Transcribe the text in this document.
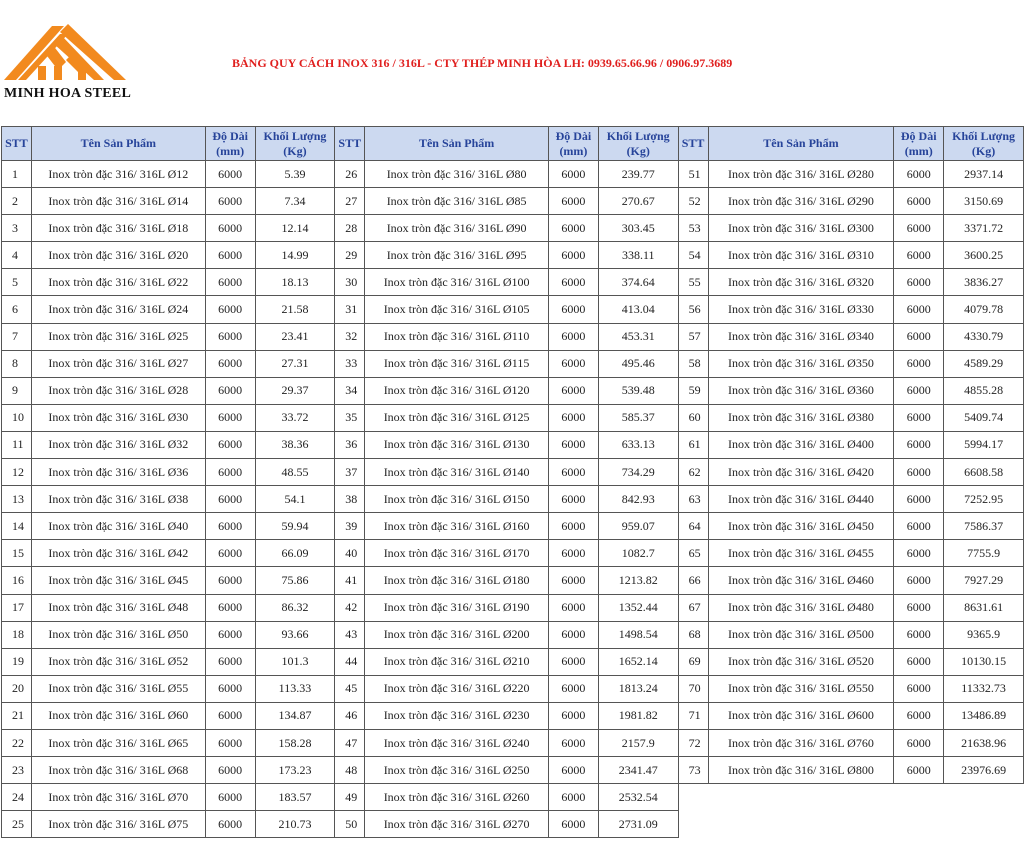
MINH HOA STEEL
BẢNG QUY CÁCH INOX 316 / 316L - CTY THÉP MINH HÒA LH: 0939.65.66.96 / 0906.97.3689
STT	Tên Sản Phẩm	Độ Dài (mm)	Khối Lượng (Kg)	STT	Tên Sản Phẩm	Độ Dài (mm)	Khối Lượng (Kg)	STT	Tên Sản Phẩm	Độ Dài (mm)	Khối Lượng (Kg)
1	Inox tròn đặc 316/ 316L Ø12	6000	5.39	26	Inox tròn đặc 316/ 316L Ø80	6000	239.77	51	Inox tròn đặc 316/ 316L Ø280	6000	2937.14
2	Inox tròn đặc 316/ 316L Ø14	6000	7.34	27	Inox tròn đặc 316/ 316L Ø85	6000	270.67	52	Inox tròn đặc 316/ 316L Ø290	6000	3150.69
3	Inox tròn đặc 316/ 316L Ø18	6000	12.14	28	Inox tròn đặc 316/ 316L Ø90	6000	303.45	53	Inox tròn đặc 316/ 316L Ø300	6000	3371.72
4	Inox tròn đặc 316/ 316L Ø20	6000	14.99	29	Inox tròn đặc 316/ 316L Ø95	6000	338.11	54	Inox tròn đặc 316/ 316L Ø310	6000	3600.25
5	Inox tròn đặc 316/ 316L Ø22	6000	18.13	30	Inox tròn đặc 316/ 316L Ø100	6000	374.64	55	Inox tròn đặc 316/ 316L Ø320	6000	3836.27
6	Inox tròn đặc 316/ 316L Ø24	6000	21.58	31	Inox tròn đặc 316/ 316L Ø105	6000	413.04	56	Inox tròn đặc 316/ 316L Ø330	6000	4079.78
7	Inox tròn đặc 316/ 316L Ø25	6000	23.41	32	Inox tròn đặc 316/ 316L Ø110	6000	453.31	57	Inox tròn đặc 316/ 316L Ø340	6000	4330.79
8	Inox tròn đặc 316/ 316L Ø27	6000	27.31	33	Inox tròn đặc 316/ 316L Ø115	6000	495.46	58	Inox tròn đặc 316/ 316L Ø350	6000	4589.29
9	Inox tròn đặc 316/ 316L Ø28	6000	29.37	34	Inox tròn đặc 316/ 316L Ø120	6000	539.48	59	Inox tròn đặc 316/ 316L Ø360	6000	4855.28
10	Inox tròn đặc 316/ 316L Ø30	6000	33.72	35	Inox tròn đặc 316/ 316L Ø125	6000	585.37	60	Inox tròn đặc 316/ 316L Ø380	6000	5409.74
11	Inox tròn đặc 316/ 316L Ø32	6000	38.36	36	Inox tròn đặc 316/ 316L Ø130	6000	633.13	61	Inox tròn đặc 316/ 316L Ø400	6000	5994.17
12	Inox tròn đặc 316/ 316L Ø36	6000	48.55	37	Inox tròn đặc 316/ 316L Ø140	6000	734.29	62	Inox tròn đặc 316/ 316L Ø420	6000	6608.58
13	Inox tròn đặc 316/ 316L Ø38	6000	54.1	38	Inox tròn đặc 316/ 316L Ø150	6000	842.93	63	Inox tròn đặc 316/ 316L Ø440	6000	7252.95
14	Inox tròn đặc 316/ 316L Ø40	6000	59.94	39	Inox tròn đặc 316/ 316L Ø160	6000	959.07	64	Inox tròn đặc 316/ 316L Ø450	6000	7586.37
15	Inox tròn đặc 316/ 316L Ø42	6000	66.09	40	Inox tròn đặc 316/ 316L Ø170	6000	1082.7	65	Inox tròn đặc 316/ 316L Ø455	6000	7755.9
16	Inox tròn đặc 316/ 316L Ø45	6000	75.86	41	Inox tròn đặc 316/ 316L Ø180	6000	1213.82	66	Inox tròn đặc 316/ 316L Ø460	6000	7927.29
17	Inox tròn đặc 316/ 316L Ø48	6000	86.32	42	Inox tròn đặc 316/ 316L Ø190	6000	1352.44	67	Inox tròn đặc 316/ 316L Ø480	6000	8631.61
18	Inox tròn đặc 316/ 316L Ø50	6000	93.66	43	Inox tròn đặc 316/ 316L Ø200	6000	1498.54	68	Inox tròn đặc 316/ 316L Ø500	6000	9365.9
19	Inox tròn đặc 316/ 316L Ø52	6000	101.3	44	Inox tròn đặc 316/ 316L Ø210	6000	1652.14	69	Inox tròn đặc 316/ 316L Ø520	6000	10130.15
20	Inox tròn đặc 316/ 316L Ø55	6000	113.33	45	Inox tròn đặc 316/ 316L Ø220	6000	1813.24	70	Inox tròn đặc 316/ 316L Ø550	6000	11332.73
21	Inox tròn đặc 316/ 316L Ø60	6000	134.87	46	Inox tròn đặc 316/ 316L Ø230	6000	1981.82	71	Inox tròn đặc 316/ 316L Ø600	6000	13486.89
22	Inox tròn đặc 316/ 316L Ø65	6000	158.28	47	Inox tròn đặc 316/ 316L Ø240	6000	2157.9	72	Inox tròn đặc 316/ 316L Ø760	6000	21638.96
23	Inox tròn đặc 316/ 316L Ø68	6000	173.23	48	Inox tròn đặc 316/ 316L Ø250	6000	2341.47	73	Inox tròn đặc 316/ 316L Ø800	6000	23976.69
24	Inox tròn đặc 316/ 316L Ø70	6000	183.57	49	Inox tròn đặc 316/ 316L Ø260	6000	2532.54				
25	Inox tròn đặc 316/ 316L Ø75	6000	210.73	50	Inox tròn đặc 316/ 316L Ø270	6000	2731.09				
